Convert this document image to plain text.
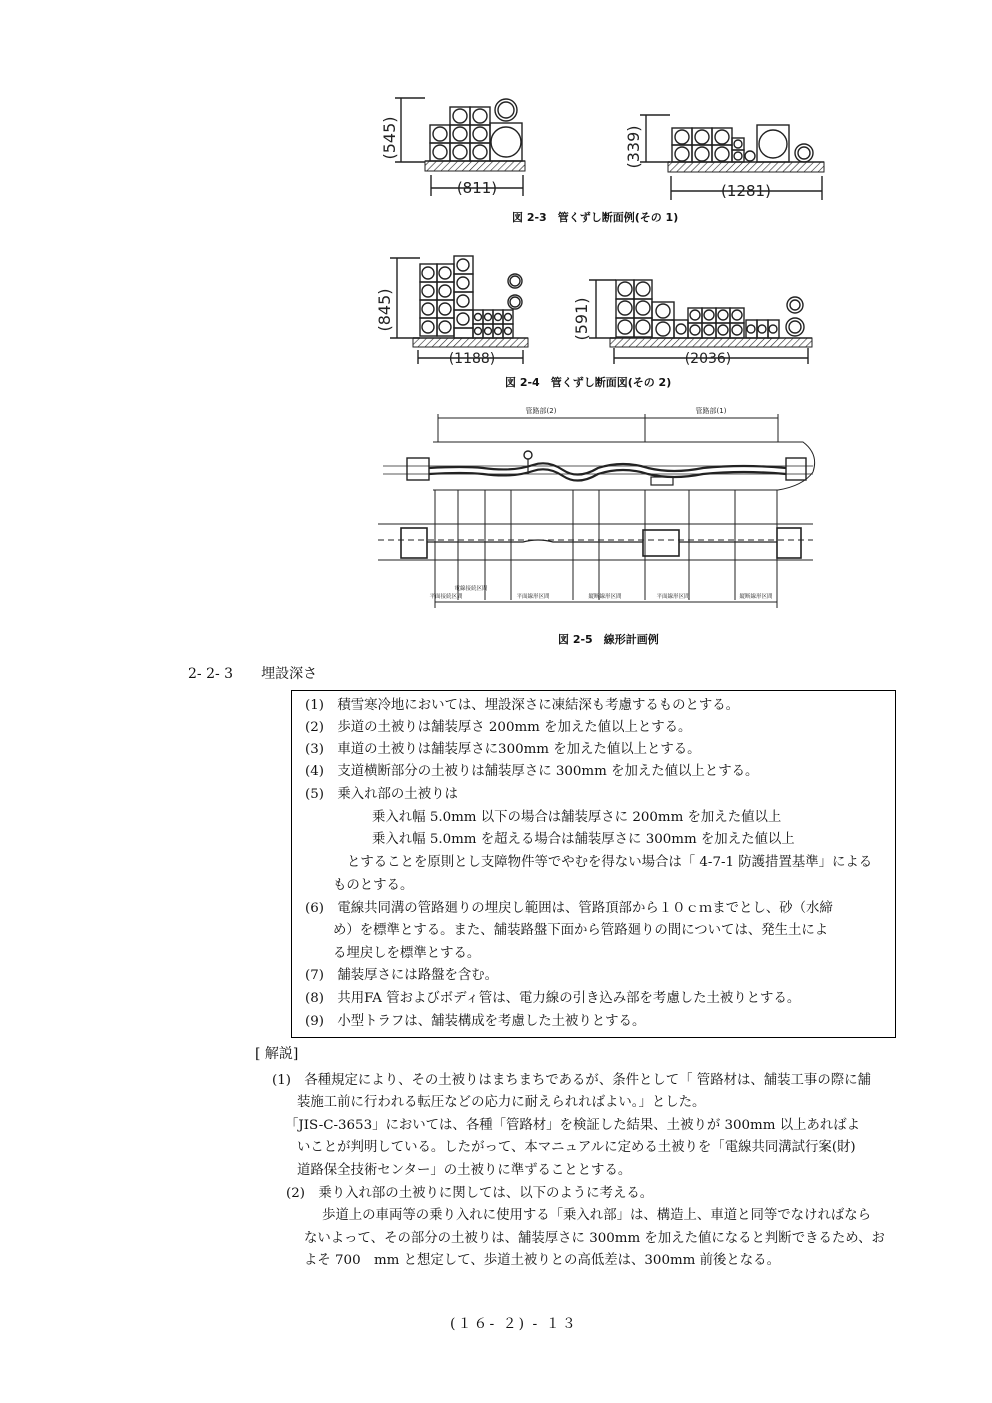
(545)
(811)
(339)
(1281)
図 2-3　管くずし断面例(その 1)
(845)
(1188)
(591)
(2036)
図 2-4　管くずし断面図(その 2)
管路部(2)	管路部(1)
平面接続区間
電線接続区間
平面線形区間	縦断線形区間	平面線形区間	縦断線形区間
図 2-5　線形計画例
2- 2- 3 埋設深さ
(1)　積雪寒冷地においては、埋設深さに凍結深も考慮するものとする。
(2)　歩道の土被りは舗装厚さ 200mm を加えた値以上とする。
(3)　車道の土被りは舗装厚さに300mm を加えた値以上とする。
(4)　支道横断部分の土被りは舗装厚さに 300mm を加えた値以上とする。
(5)　乗入れ部の土被りは
乗入れ幅 5.0mm 以下の場合は舗装厚さに 200mm を加えた値以上
乗入れ幅 5.0mm を超える場合は舗装厚さに 300mm を加えた値以上
とすることを原則とし支障物件等でやむを得ない場合は「 4-7-1 防護措置基準」による
ものとする。
(6)　電線共同溝の管路廻りの埋戻し範囲は、管路頂部から１０ｃｍまでとし、砂（水締
め）を標準とする。また、舗装路盤下面から管路廻りの間については、発生土によ
る埋戻しを標準とする。
(7)　舗装厚さには路盤を含む。
(8)　共用FA 管およびボディ管は、電力線の引き込み部を考慮した土被りとする。
(9)　小型トラフは、舗装構成を考慮した土被りとする。
[ 解説]
(1)　各種規定により、その土被りはまちまちであるが、条件として「 管路材は、舗装工事の際に舗
装施工前に行われる転圧などの応力に耐えられればよい。」とした。
「JIS-C-3653」においては、各種「管路材」を検証した結果、土被りが 300mm 以上あればよ
いことが判明している。したがって、本マニュアルに定める土被りを「電線共同溝試行案(財)
道路保全技術センター」の土被りに準ずることとする。
(2)　乗り入れ部の土被りに関しては、以下のように考える。
歩道上の車両等の乗り入れに使用する「乗入れ部」は、構造上、車道と同等でなければなら
ないよって、その部分の土被りは、舗装厚さに 300mm を加えた値になると判断できるため、お
よそ 700　mm と想定して、歩道土被りとの高低差は、300mm 前後となる。
(１６- ２) - １３
